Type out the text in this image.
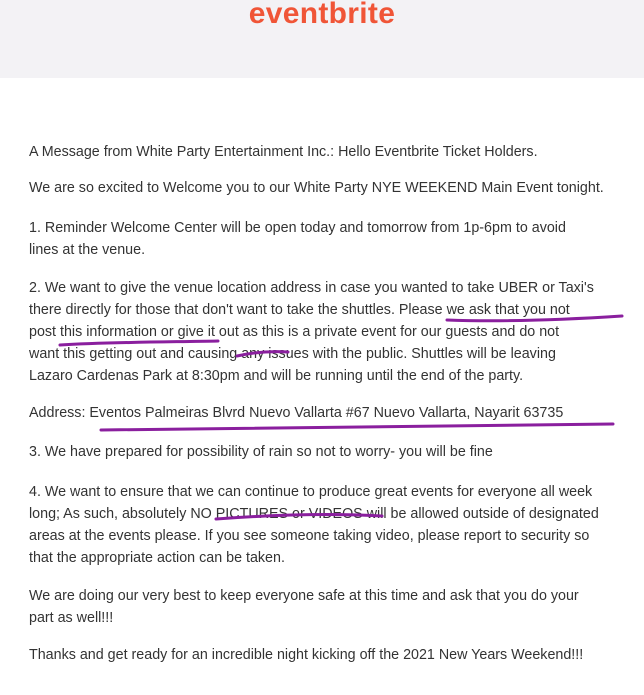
eventbrite
A Message from White Party Entertainment Inc.: Hello Eventbrite Ticket Holders.
We are so excited to Welcome you to our White Party NYE WEEKEND Main Event tonight.
1. Reminder Welcome Center will be open today and tomorrow from 1p-6pm to avoid
lines at the venue.
2. We want to give the venue location address in case you wanted to take UBER or Taxi's
there directly for those that don't want to take the shuttles. Please we ask that you not
post this information or give it out as this is a private event for our guests and do not
want this getting out and causing any issues with the public. Shuttles will be leaving
Lazaro Cardenas Park at 8:30pm and will be running until the end of the party.
Address: Eventos Palmeiras Blvrd Nuevo Vallarta #67 Nuevo Vallarta, Nayarit 63735
3. We have prepared for possibility of rain so not to worry- you will be fine
4. We want to ensure that we can continue to produce great events for everyone all week
long; As such, absolutely NO PICTURES or VIDEOS will be allowed outside of designated
areas at the events please. If you see someone taking video, please report to security so
that the appropriate action can be taken.
We are doing our very best to keep everyone safe at this time and ask that you do your
part as well!!!
Thanks and get ready for an incredible night kicking off the 2021 New Years Weekend!!!
